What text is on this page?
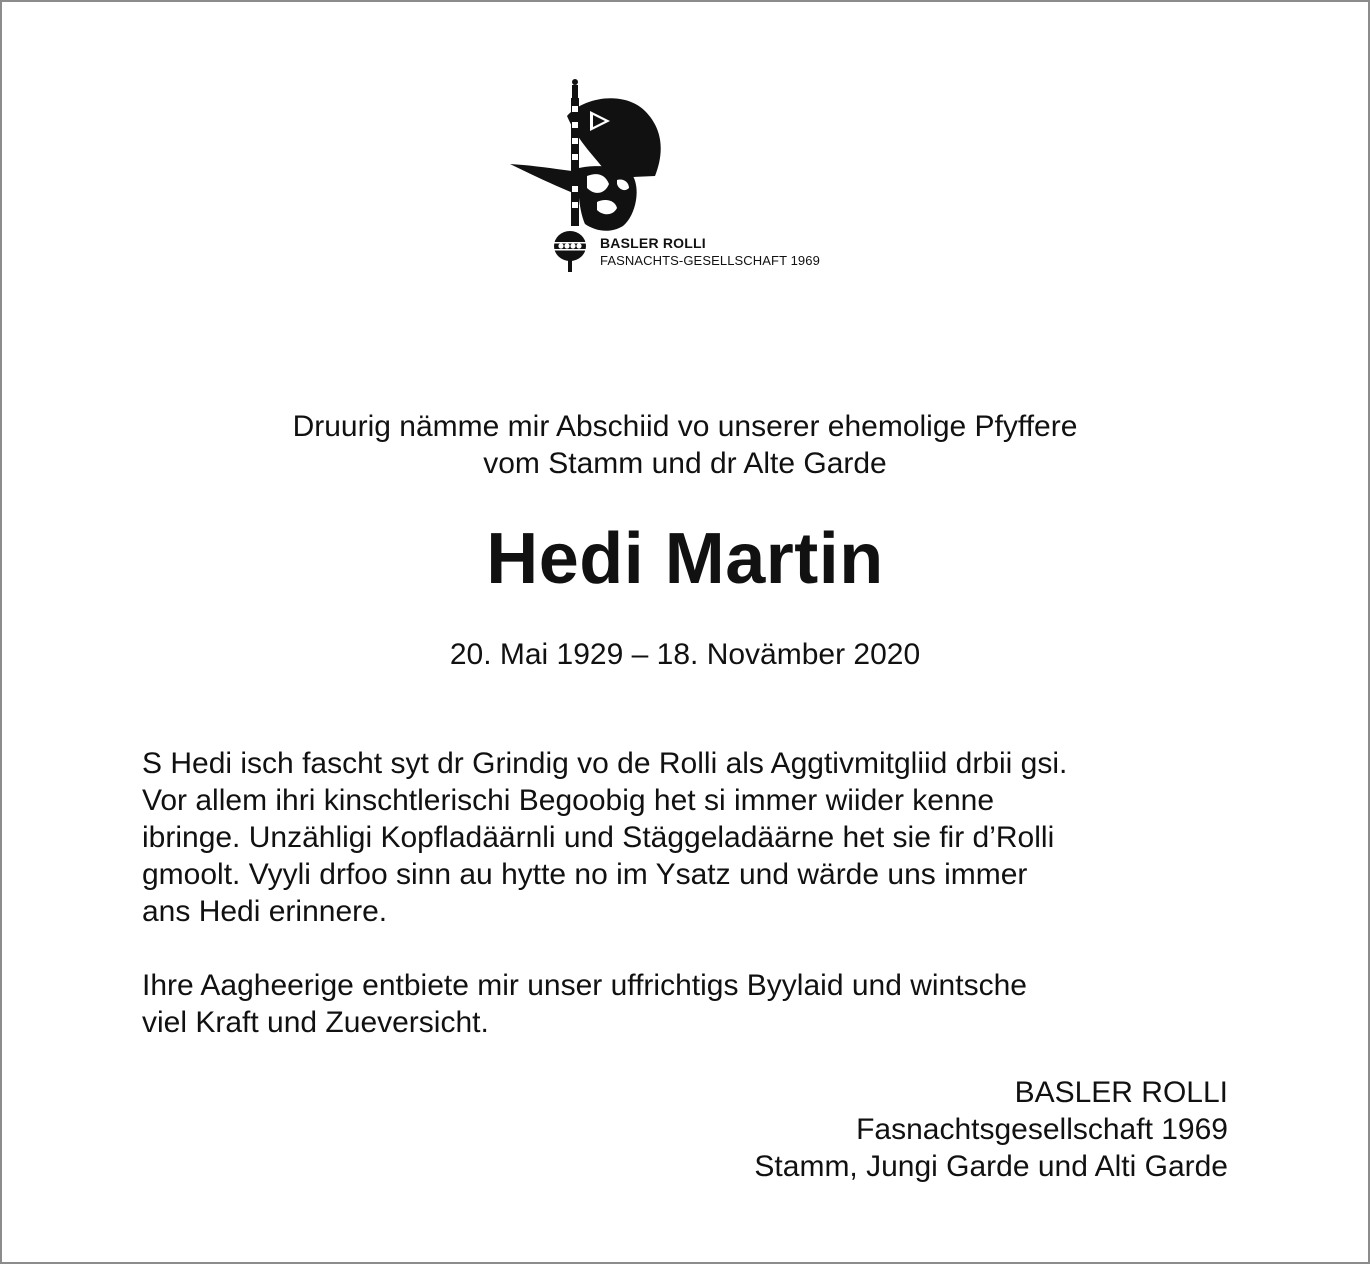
BASLER ROLLI
FASNACHTS-GESELLSCHAFT 1969
Druurig nämme mir Abschiid vo unserer ehemolige Pfyffere
vom Stamm und dr Alte Garde
Hedi Martin
20. Mai 1929 – 18. Novämber 2020
S Hedi isch fascht syt dr Grindig vo de Rolli als Aggtivmitgliid drbii gsi.
Vor allem ihri kinschtlerischi Begoobig het si immer wiider kenne
ibringe. Unzähligi Kopfladäärnli und Stäggeladäärne het sie fir d’Rolli
gmoolt. Vyyli drfoo sinn au hytte no im Ysatz und wärde uns immer
ans Hedi erinnere.
Ihre Aagheerige entbiete mir unser uffrichtigs Byylaid und wintsche
viel Kraft und Zueversicht.
BASLER ROLLI
Fasnachtsgesellschaft 1969
Stamm, Jungi Garde und Alti Garde
